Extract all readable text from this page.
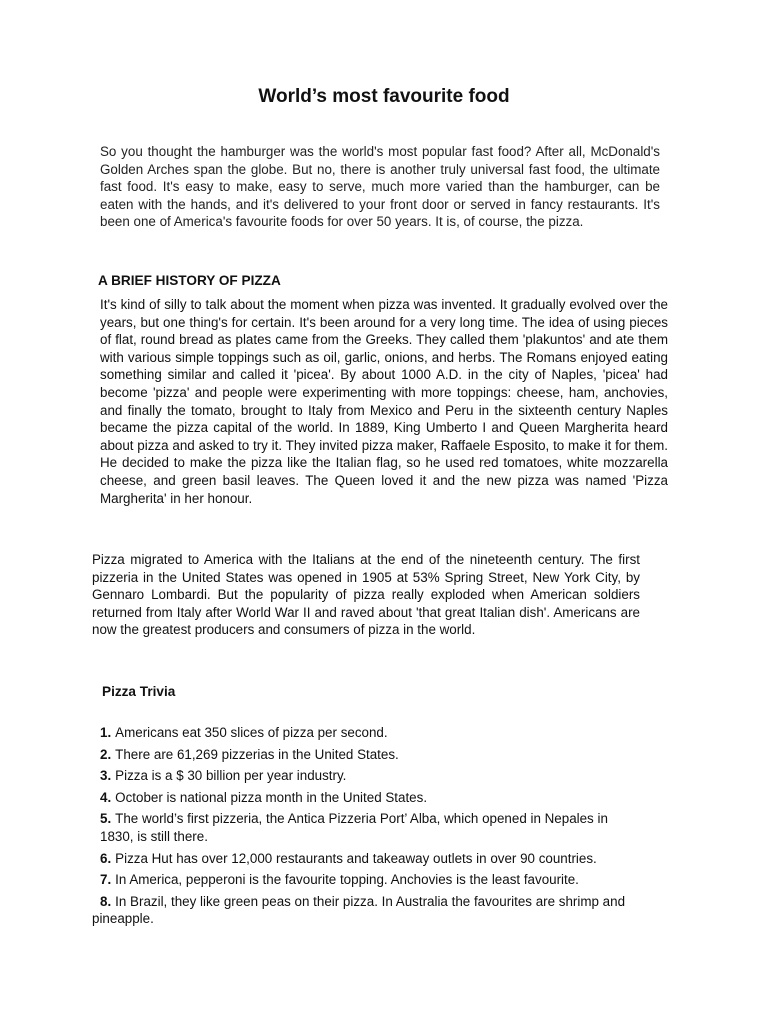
World’s most favourite food

So you thought the hamburger was the world's most popular fast food? After all, McDonald's Golden Arches span the globe. But no, there is another truly universal fast food, the ultimate fast food. It's easy to make, easy to serve, much more varied than the hamburger, can be eaten with the hands, and it's delivered to your front door or served in fancy restaurants. It's been one of America's favourite foods for over 50 years. It is, of course, the pizza.

A BRIEF HISTORY OF PIZZA

It's kind of silly to talk about the moment when pizza was invented. It gradually evolved over the years, but one thing's for certain. It's been around for a very long time. The idea of using pieces of flat, round bread as plates came from the Greeks. They called them 'plakuntos' and ate them with various simple toppings such as oil, garlic, onions, and herbs. The Romans enjoyed eating something similar and called it 'picea'. By about 1000 A.D. in the city of Naples, 'picea' had become 'pizza' and people were experimenting with more toppings: cheese, ham, anchovies, and finally the tomato, brought to Italy from Mexico and Peru in the sixteenth century Naples became the pizza capital of the world. In 1889, King Umberto I and Queen Margherita heard about pizza and asked to try it. They invited pizza maker, Raffaele Esposito, to make it for them. He decided to make the pizza like the Italian flag, so he used red tomatoes, white mozzarella cheese, and green basil leaves. The Queen loved it and the new pizza was named 'Pizza Margherita' in her honour.

Pizza migrated to America with the Italians at the end of the nineteenth century. The first pizzeria in the United States was opened in 1905 at 53% Spring Street, New York City, by Gennaro Lombardi. But the popularity of pizza really exploded when American soldiers returned from Italy after World War II and raved about 'that great Italian dish'. Americans are now the greatest producers and consumers of pizza in the world.

Pizza Trivia
1. Americans eat 350 slices of pizza per second.
2. There are 61,269 pizzerias in the United States.
3. Pizza is a $ 30 billion per year industry.
4. October is national pizza month in the United States.
5. The world’s first pizzeria, the Antica Pizzeria Port’ Alba, which opened in Nepales in
1830, is still there.
6. Pizza Hut has over 12,000 restaurants and takeaway outlets in over 90 countries.
7. In America, pepperoni is the favourite topping. Anchovies is the least favourite.
8. In Brazil, they like green peas on their pizza. In Australia the favourites are shrimp and
pineapple.
